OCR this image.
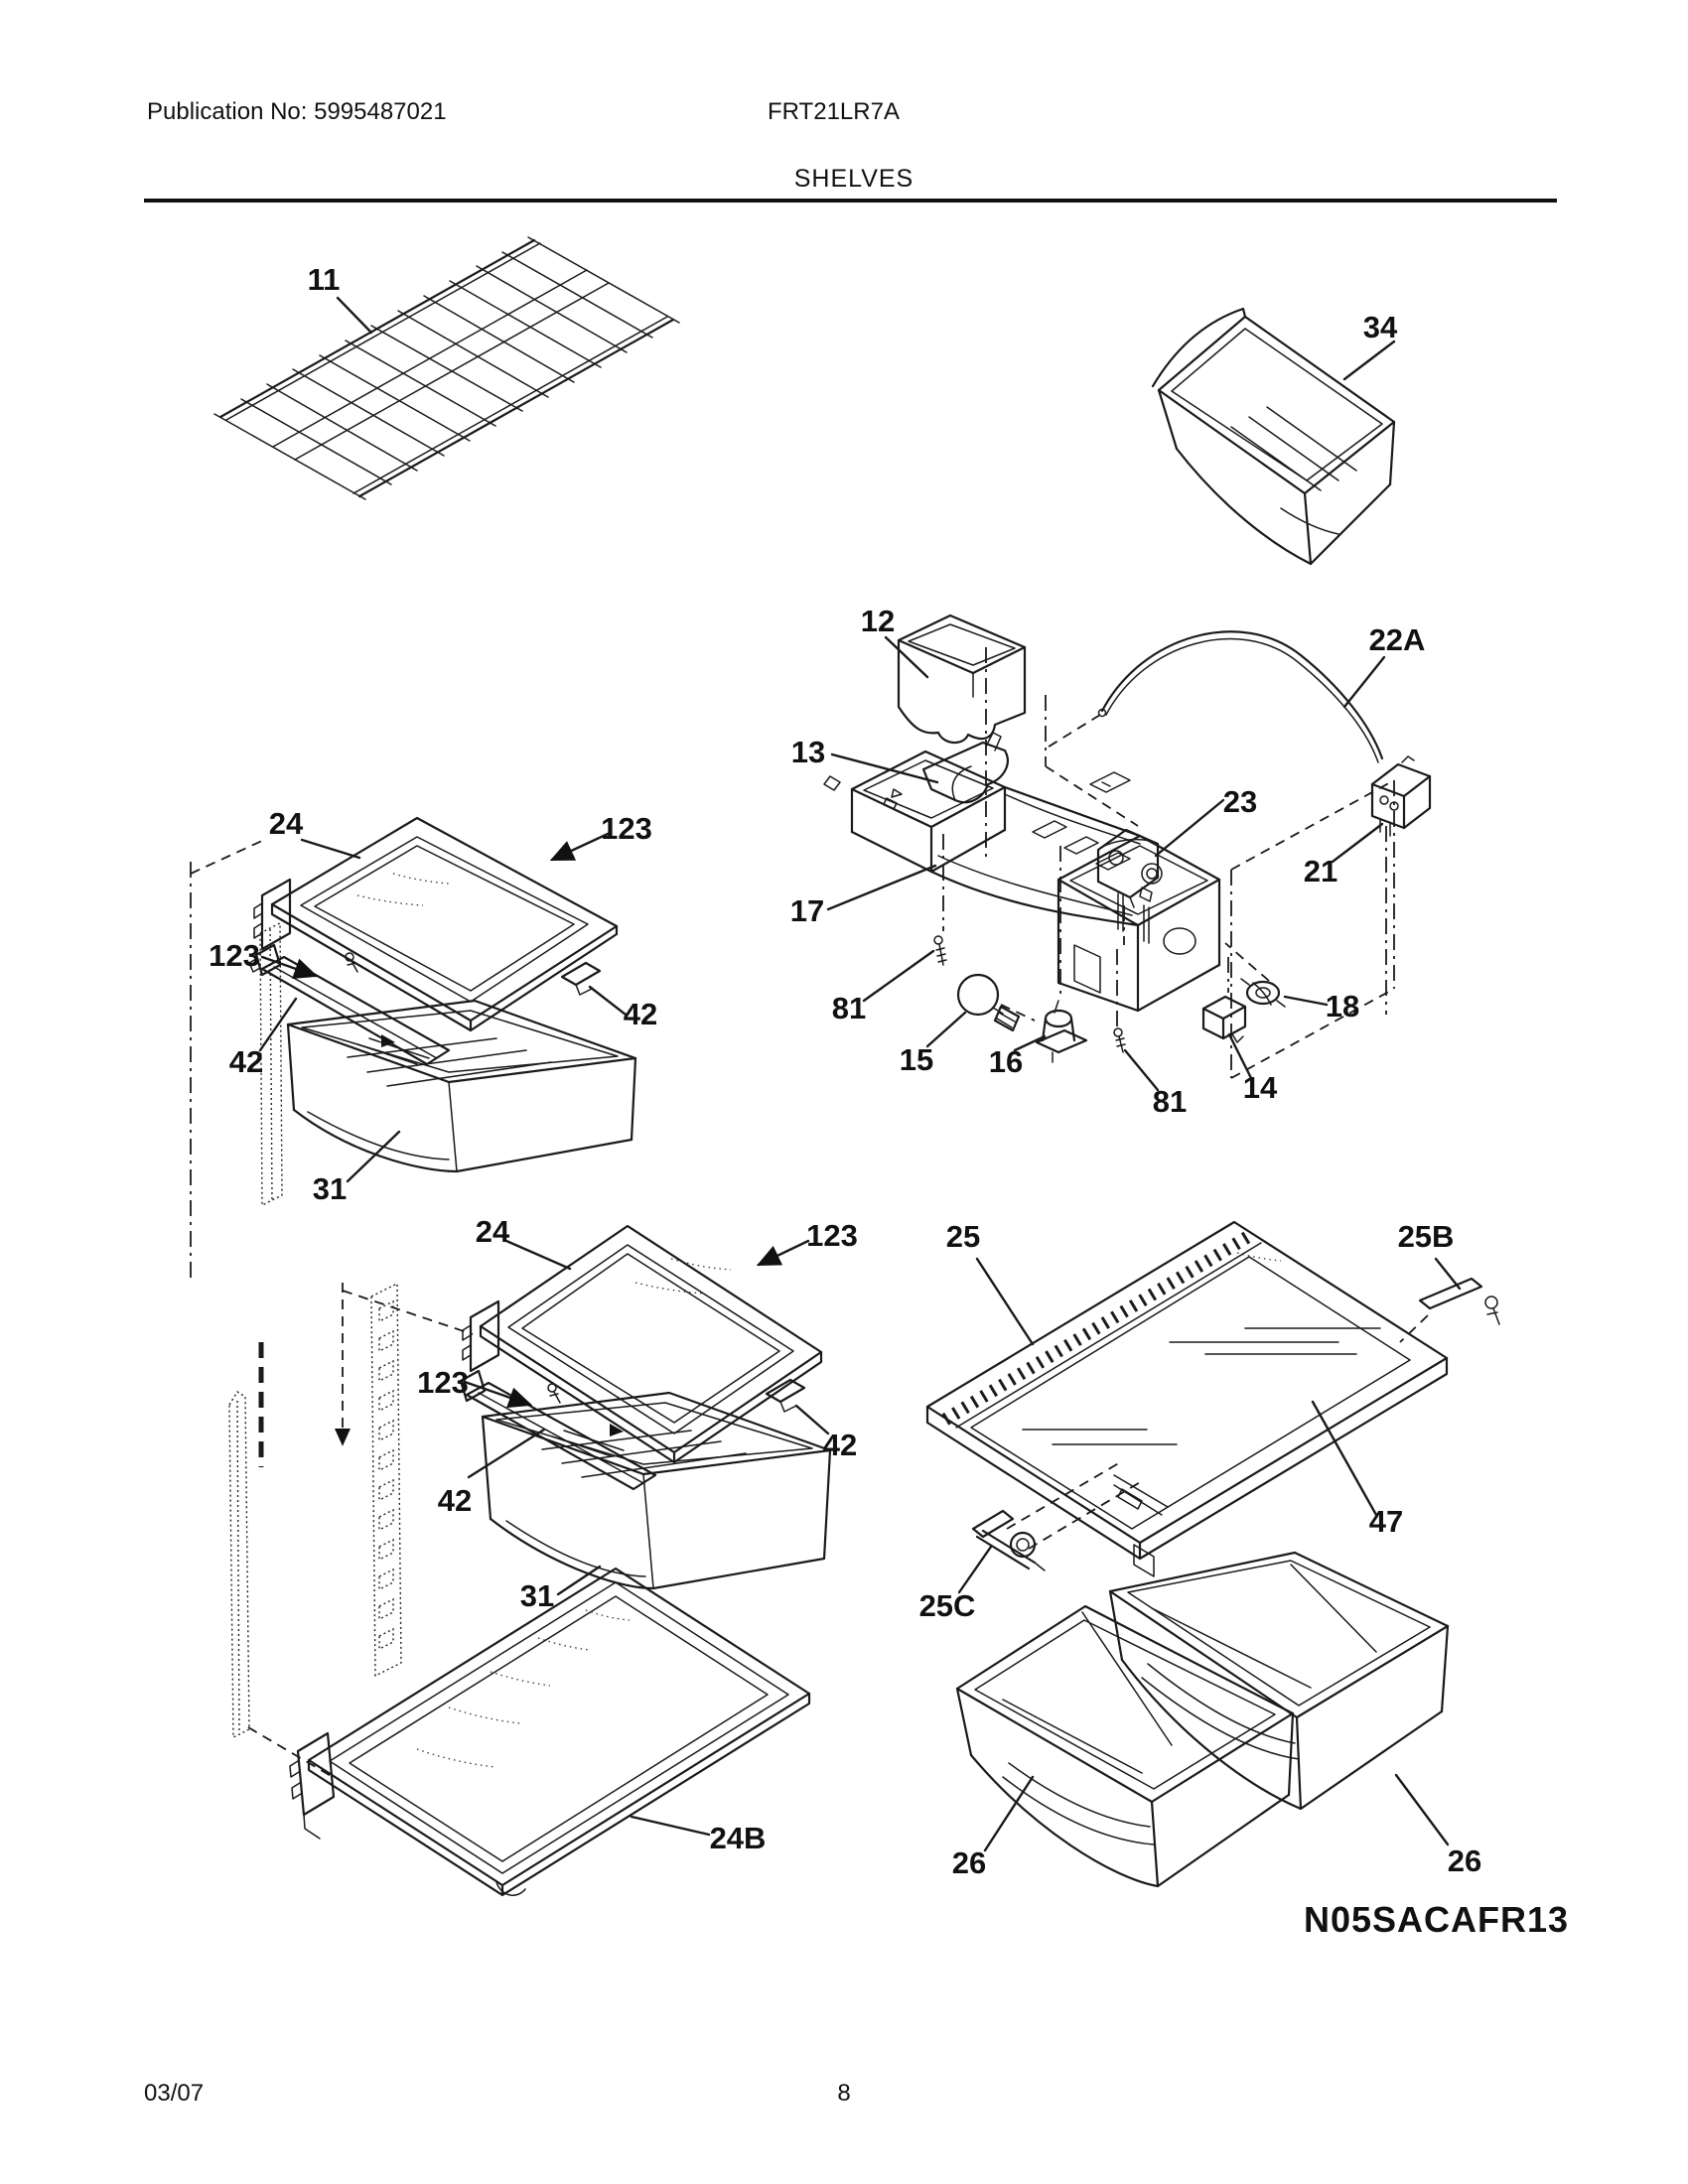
Publication No: 5995487021	FRT21LR7A
SHELVES
03/07	8
N05SACAFR13
11
34
12
22A
13
23
21
17
81
15 16
81 14
18
24	123
123
42
42
31
24	123
123
42
42
31
25	25B
47
25C
24B
26	26
